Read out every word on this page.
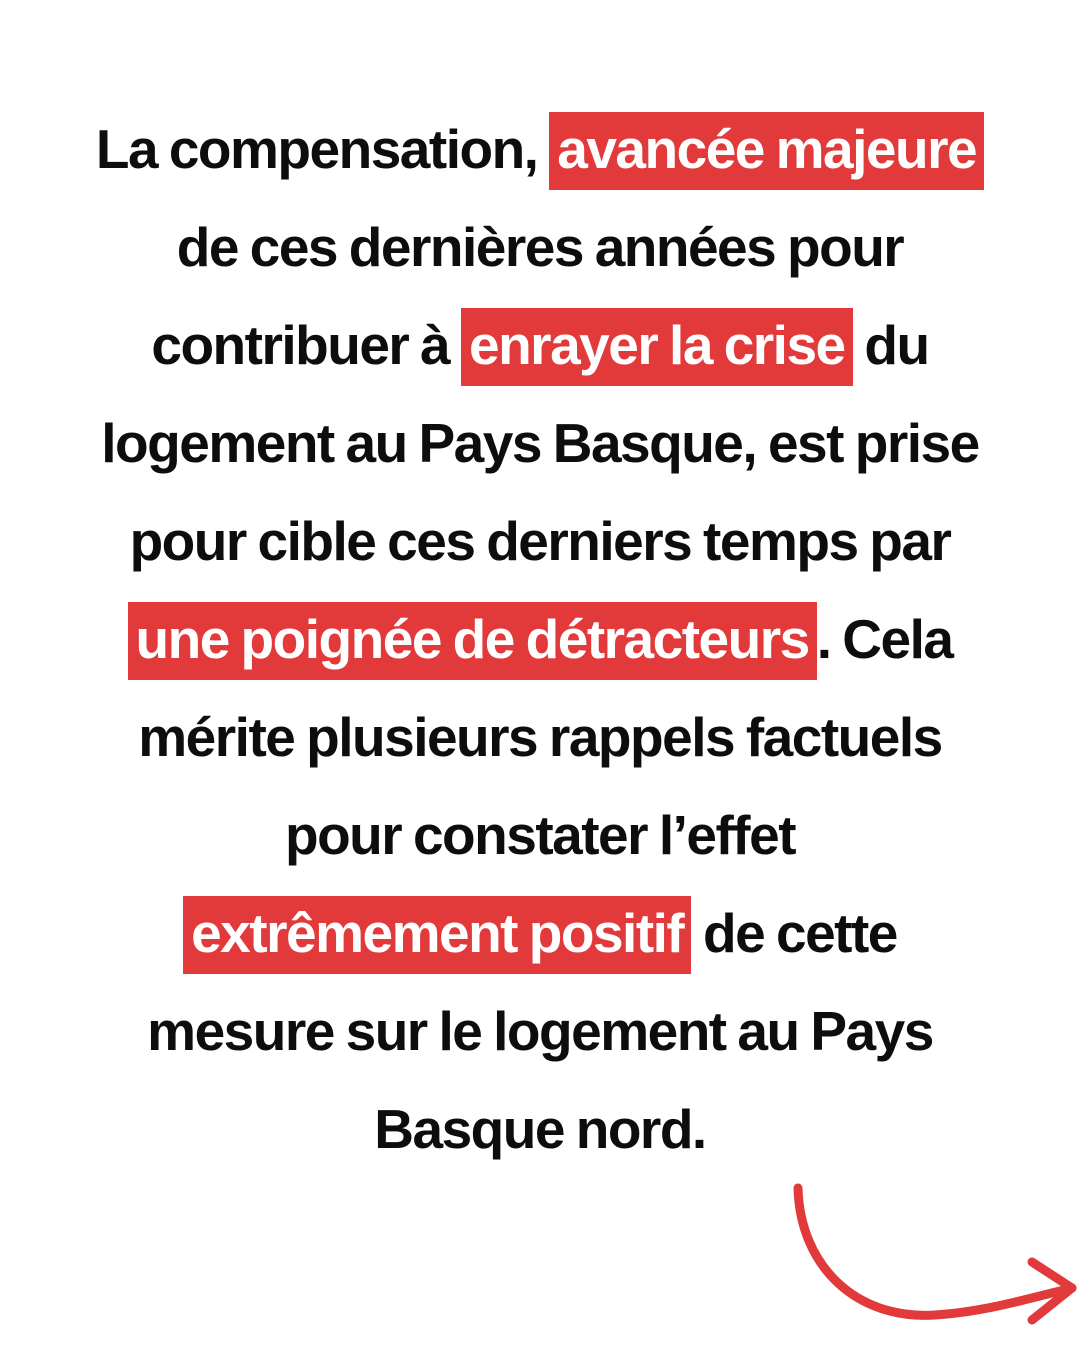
La compensation, avancée majeure
de ces dernières années pour
contribuer à enrayer la crise du
logement au Pays Basque, est prise
pour cible ces derniers temps par
une poignée de détracteurs . Cela
mérite plusieurs rappels factuels
pour constater l’effet
extrêmement positif de cette
mesure sur le logement au Pays
Basque nord.
